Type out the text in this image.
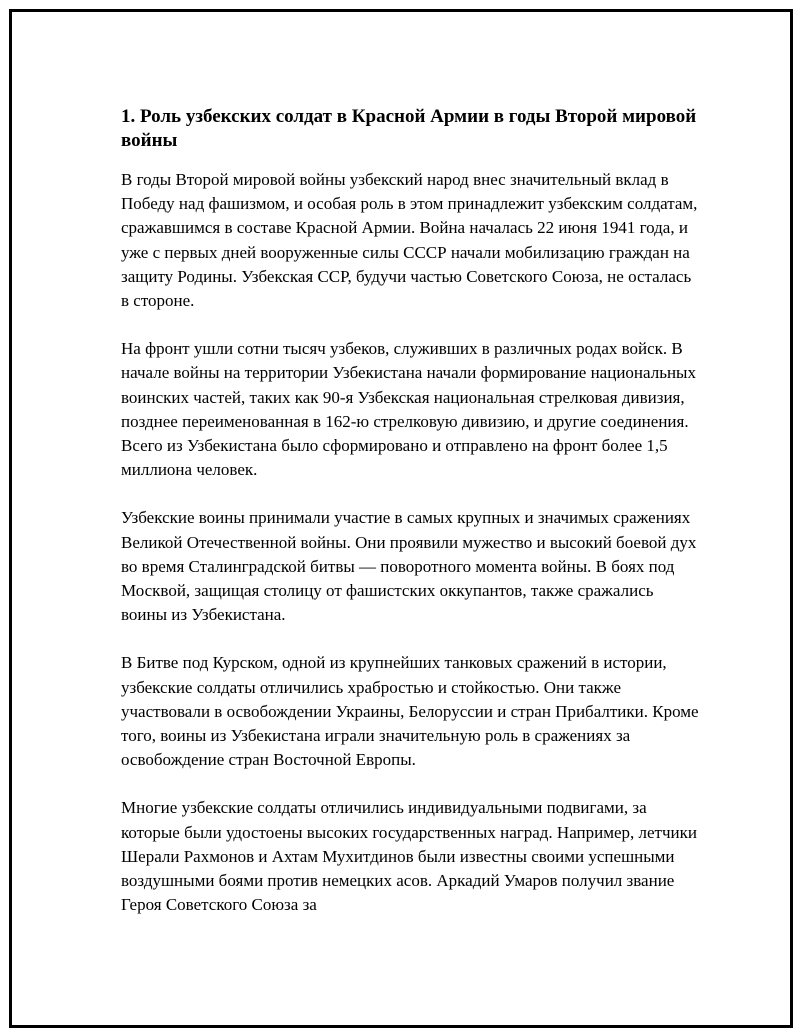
1. Роль узбекских солдат в Красной Армии в годы Второй мировой войны

В годы Второй мировой войны узбекский народ внес значительный вклад в Победу над фашизмом, и особая роль в этом принадлежит узбекским солдатам, сражавшимся в составе Красной Армии. Война началась 22 июня 1941 года, и уже с первых дней вооруженные силы СССР начали мобилизацию граждан на защиту Родины. Узбекская ССР, будучи частью Советского Союза, не осталась в стороне.

На фронт ушли сотни тысяч узбеков, служивших в различных родах войск. В начале войны на территории Узбекистана начали формирование национальных воинских частей, таких как 90-я Узбекская национальная стрелковая дивизия, позднее переименованная в 162-ю стрелковую дивизию, и другие соединения. Всего из Узбекистана было сформировано и отправлено на фронт более 1,5 миллиона человек.

Узбекские воины принимали участие в самых крупных и значимых сражениях Великой Отечественной войны. Они проявили мужество и высокий боевой дух во время Сталинградской битвы — поворотного момента войны. В боях под Москвой, защищая столицу от фашистских оккупантов, также сражались воины из Узбекистана.

В Битве под Курском, одной из крупнейших танковых сражений в истории, узбекские солдаты отличились храбростью и стойкостью. Они также участвовали в освобождении Украины, Белоруссии и стран Прибалтики. Кроме того, воины из Узбекистана играли значительную роль в сражениях за освобождение стран Восточной Европы.

Многие узбекские солдаты отличились индивидуальными подвигами, за которые были удостоены высоких государственных наград. Например, летчики Шерали Рахмонов и Ахтам Мухитдинов были известны своими успешными воздушными боями против немецких асов. Аркадий Умаров получил звание Героя Советского Союза за
